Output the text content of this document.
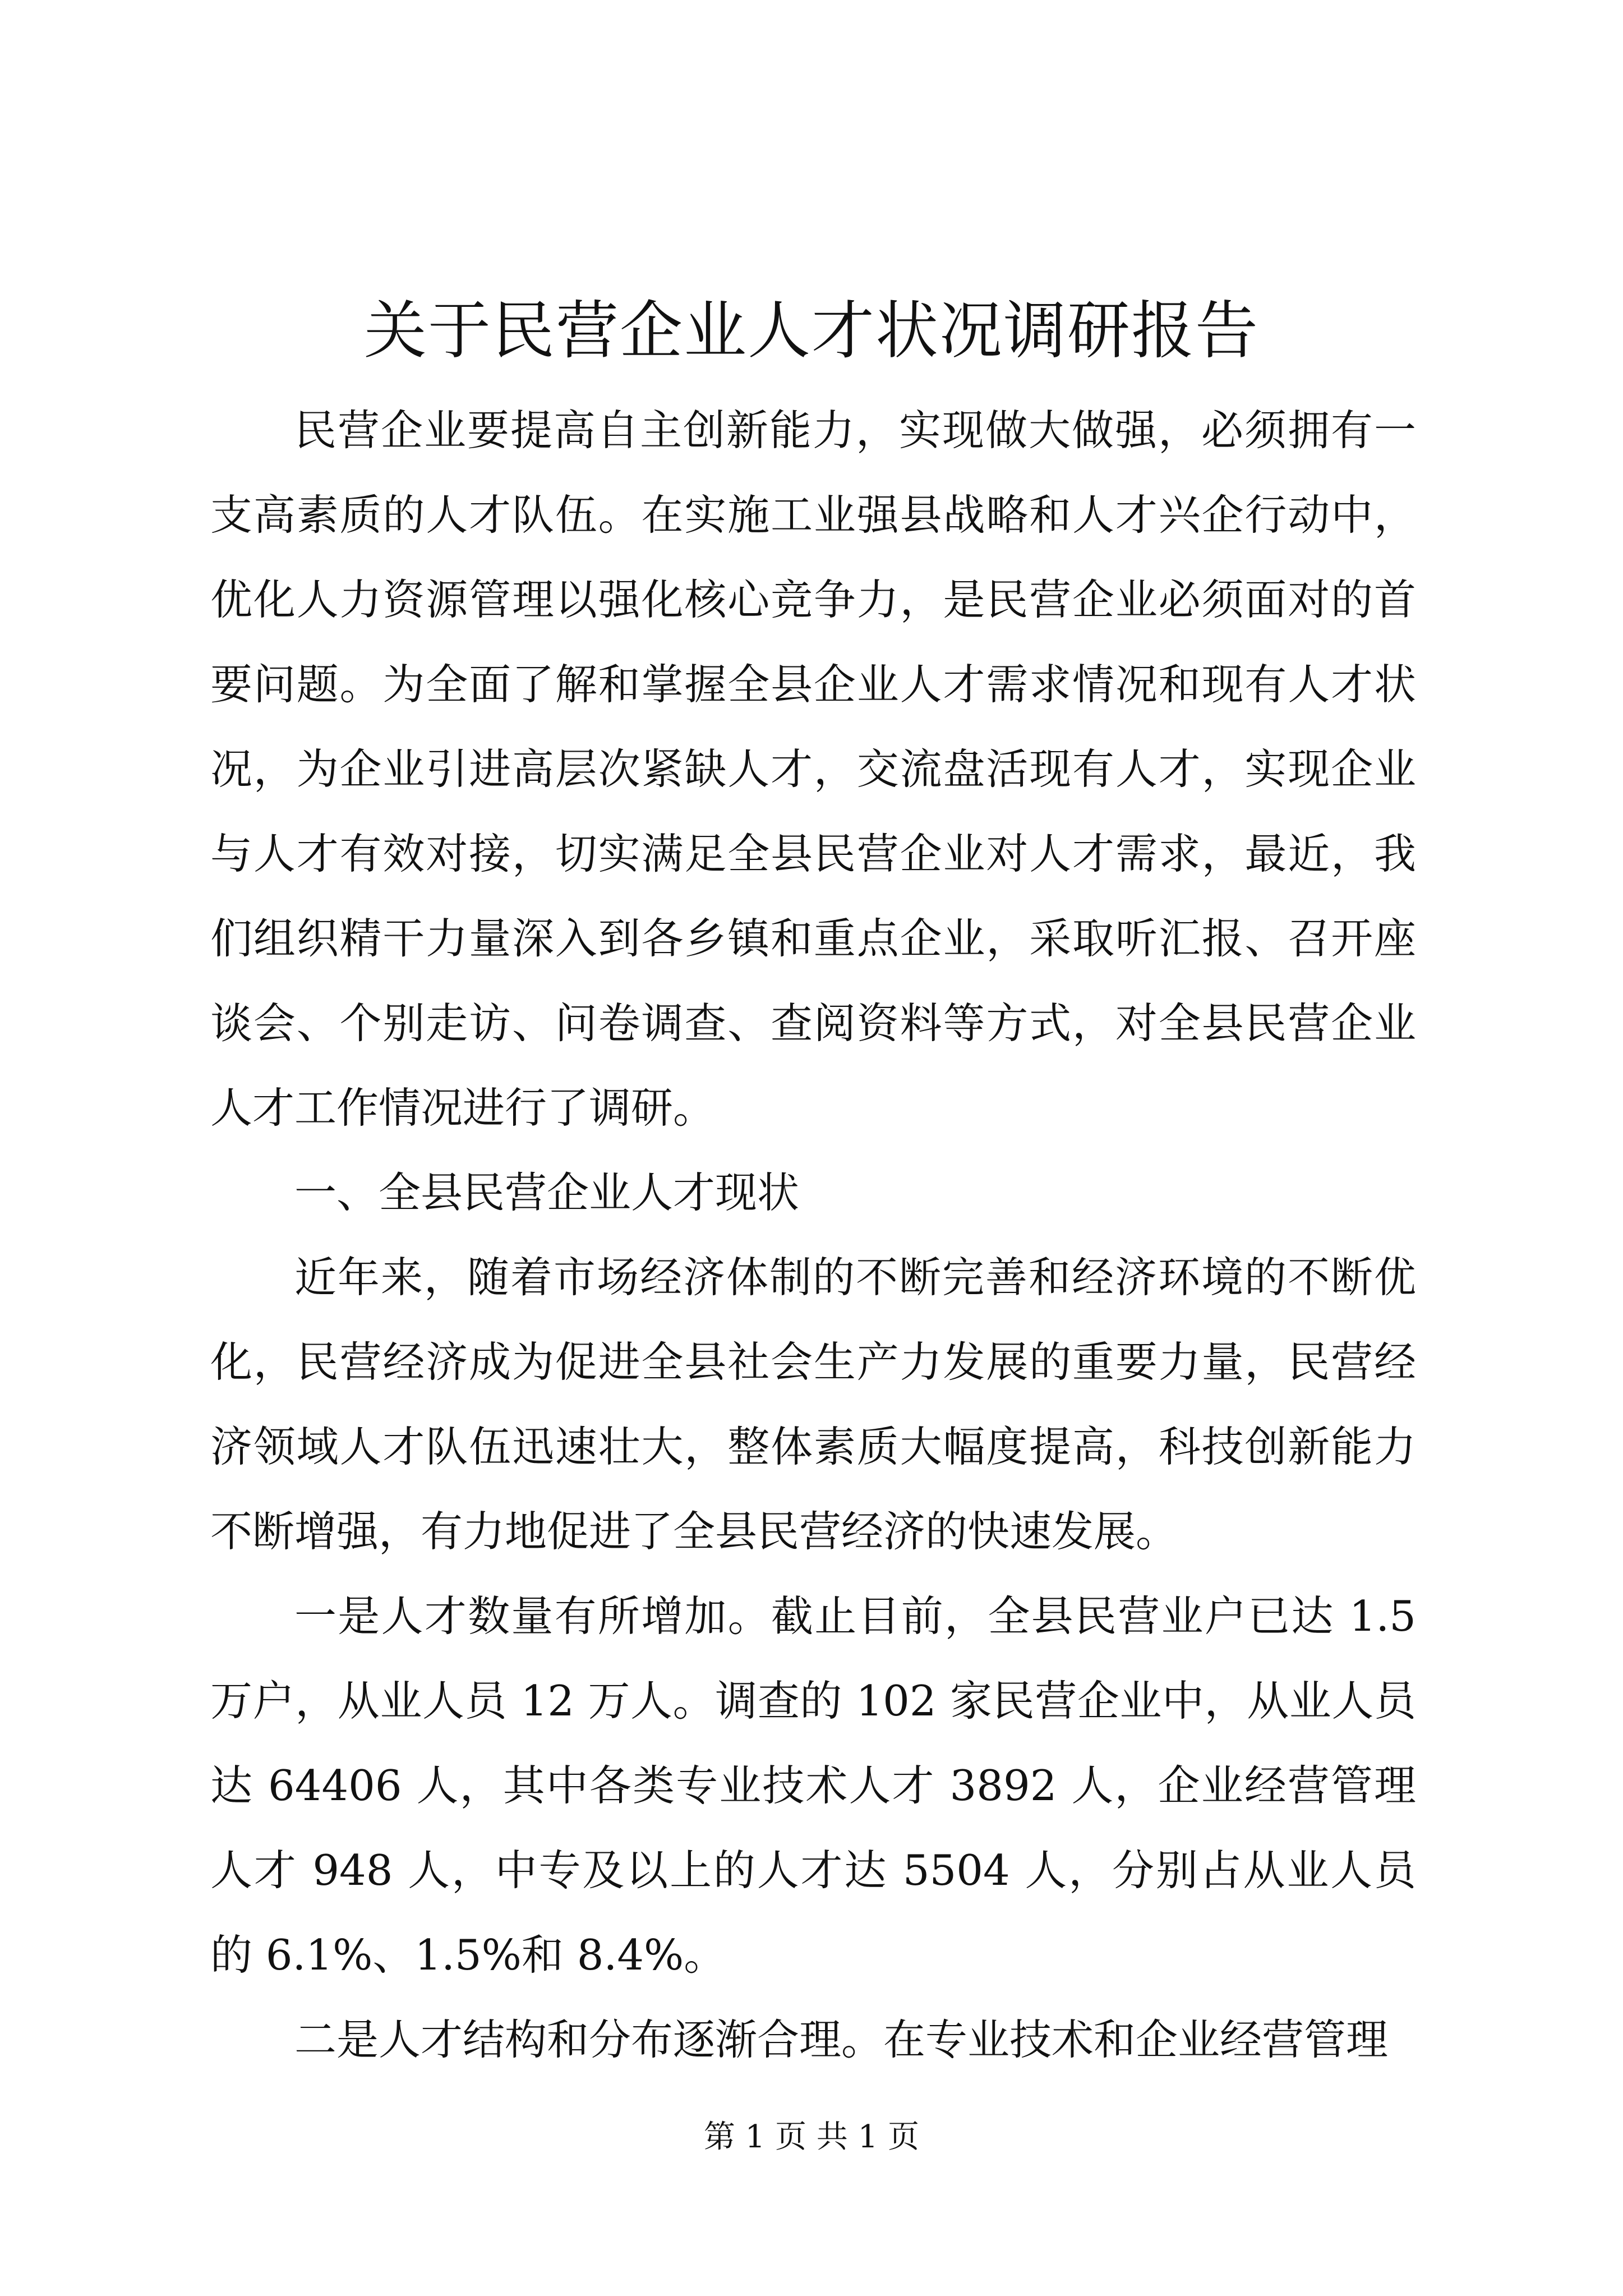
关于民营企业人才状况调研报告

民营企业要提高自主创新能力，实现做大做强，必须拥有一支高素质的人才队伍。在实施工业强县战略和人才兴企行动中，优化人力资源管理以强化核心竞争力，是民营企业必须面对的首要问题。为全面了解和掌握全县企业人才需求情况和现有人才状况，为企业引进高层次紧缺人才，交流盘活现有人才，实现企业与人才有效对接，切实满足全县民营企业对人才需求，最近，我们组织精干力量深入到各乡镇和重点企业，采取听汇报、召开座谈会、个别走访、问卷调查、查阅资料等方式，对全县民营企业人才工作情况进行了调研。

一、全县民营企业人才现状

近年来，随着市场经济体制的不断完善和经济环境的不断优化，民营经济成为促进全县社会生产力发展的重要力量，民营经济领域人才队伍迅速壮大，整体素质大幅度提高，科技创新能力不断增强，有力地促进了全县民营经济的快速发展。

一是人才数量有所增加。截止目前，全县民营业户已达 1.5 万户，从业人员 12 万人。调查的 102 家民营企业中，从业人员达 64406 人，其中各类专业技术人才 3892 人，企业经营管理人才 948 人，中专及以上的人才达 5504 人，分别占从业人员的 6.1%、1.5%和 8.4%。

二是人才结构和分布逐渐合理。在专业技术和企业经营管理

第 1 页 共 1 页
